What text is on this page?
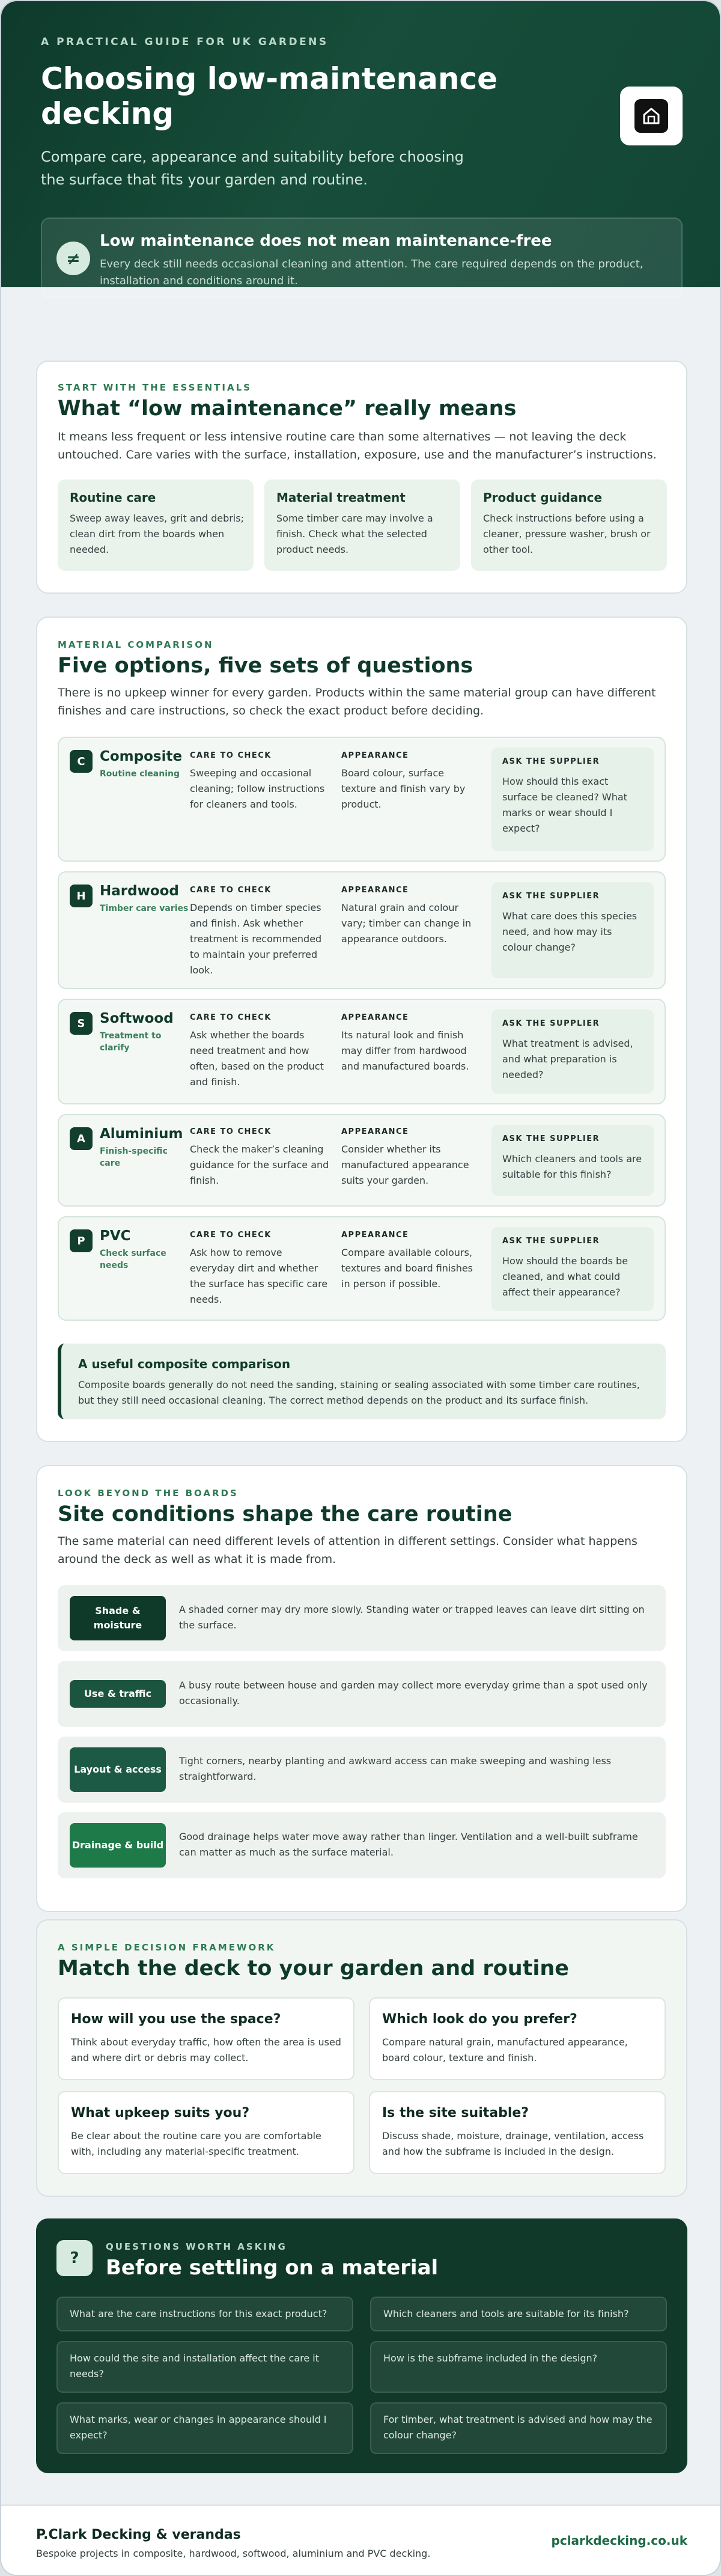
A PRACTICAL GUIDE FOR UK GARDENS
Choosing low-maintenance decking
Compare care, appearance and suitability before choosing the surface that fits your garden and routine.
≠
Low maintenance does not mean maintenance-free
Every deck still needs occasional cleaning and attention. The care required depends on the product, installation and conditions around it.
START WITH THE ESSENTIALS
What “low maintenance” really means
It means less frequent or less intensive routine care than some alternatives — not leaving the deck untouched. Care varies with the surface, installation, exposure, use and the manufacturer’s instructions.
Routine care
Sweep away leaves, grit and debris; clean dirt from the boards when needed.
Material treatment
Some timber care may involve a finish. Check what the selected product needs.
Product guidance
Check instructions before using a cleaner, pressure washer, brush or other tool.
MATERIAL COMPARISON
Five options, five sets of questions
There is no upkeep winner for every garden. Products within the same material group can have different finishes and care instructions, so check the exact product before deciding.
C	Composite
Routine cleaning
CARE TO CHECK
Sweeping and occasional cleaning; follow instructions for cleaners and tools.
APPEARANCE
Board colour, surface texture and finish vary by product.
ASK THE SUPPLIER
How should this exact surface be cleaned? What marks or wear should I expect?
H	Hardwood
Timber care varies
CARE TO CHECK
Depends on timber species and finish. Ask whether treatment is recommended to maintain your preferred look.
APPEARANCE
Natural grain and colour vary; timber can change in appearance outdoors.
ASK THE SUPPLIER
What care does this species need, and how may its colour change?
S	Softwood
Treatment to clarify
CARE TO CHECK
Ask whether the boards need treatment and how often, based on the product and finish.
APPEARANCE
Its natural look and finish may differ from hardwood and manufactured boards.
ASK THE SUPPLIER
What treatment is advised, and what preparation is needed?
A	Aluminium
Finish-specific care
CARE TO CHECK
Check the maker’s cleaning guidance for the surface and finish.
APPEARANCE
Consider whether its manufactured appearance suits your garden.
ASK THE SUPPLIER
Which cleaners and tools are suitable for this finish?
P	PVC
Check surface needs
CARE TO CHECK
Ask how to remove everyday dirt and whether the surface has specific care needs.
APPEARANCE
Compare available colours, textures and board finishes in person if possible.
ASK THE SUPPLIER
How should the boards be cleaned, and what could affect their appearance?
A useful composite comparison
Composite boards generally do not need the sanding, staining or sealing associated with some timber care routines, but they still need occasional cleaning. The correct method depends on the product and its surface finish.
LOOK BEYOND THE BOARDS
Site conditions shape the care routine
The same material can need different levels of attention in different settings. Consider what happens around the deck as well as what it is made from.
Shade & moisture
A shaded corner may dry more slowly. Standing water or trapped leaves can leave dirt sitting on the surface.
Use & traffic
A busy route between house and garden may collect more everyday grime than a spot used only occasionally.
Layout & access
Tight corners, nearby planting and awkward access can make sweeping and washing less straightforward.
Drainage & build
Good drainage helps water move away rather than linger. Ventilation and a well-built subframe can matter as much as the surface material.
A SIMPLE DECISION FRAMEWORK
Match the deck to your garden and routine
How will you use the space?
Think about everyday traffic, how often the area is used and where dirt or debris may collect.
Which look do you prefer?
Compare natural grain, manufactured appearance, board colour, texture and finish.
What upkeep suits you?
Be clear about the routine care you are comfortable with, including any material-specific treatment.
Is the site suitable?
Discuss shade, moisture, drainage, ventilation, access and how the subframe is included in the design.
?
QUESTIONS WORTH ASKING
Before settling on a material
What are the care instructions for this exact product?	Which cleaners and tools are suitable for its finish?
How could the site and installation affect the care it needs?
How is the subframe included in the design?
What marks, wear or changes in appearance should I expect?
For timber, what treatment is advised and how may the colour change?
P.Clark Decking & verandas
Bespoke projects in composite, hardwood, softwood, aluminium and PVC decking.
pclarkdecking.co.uk
